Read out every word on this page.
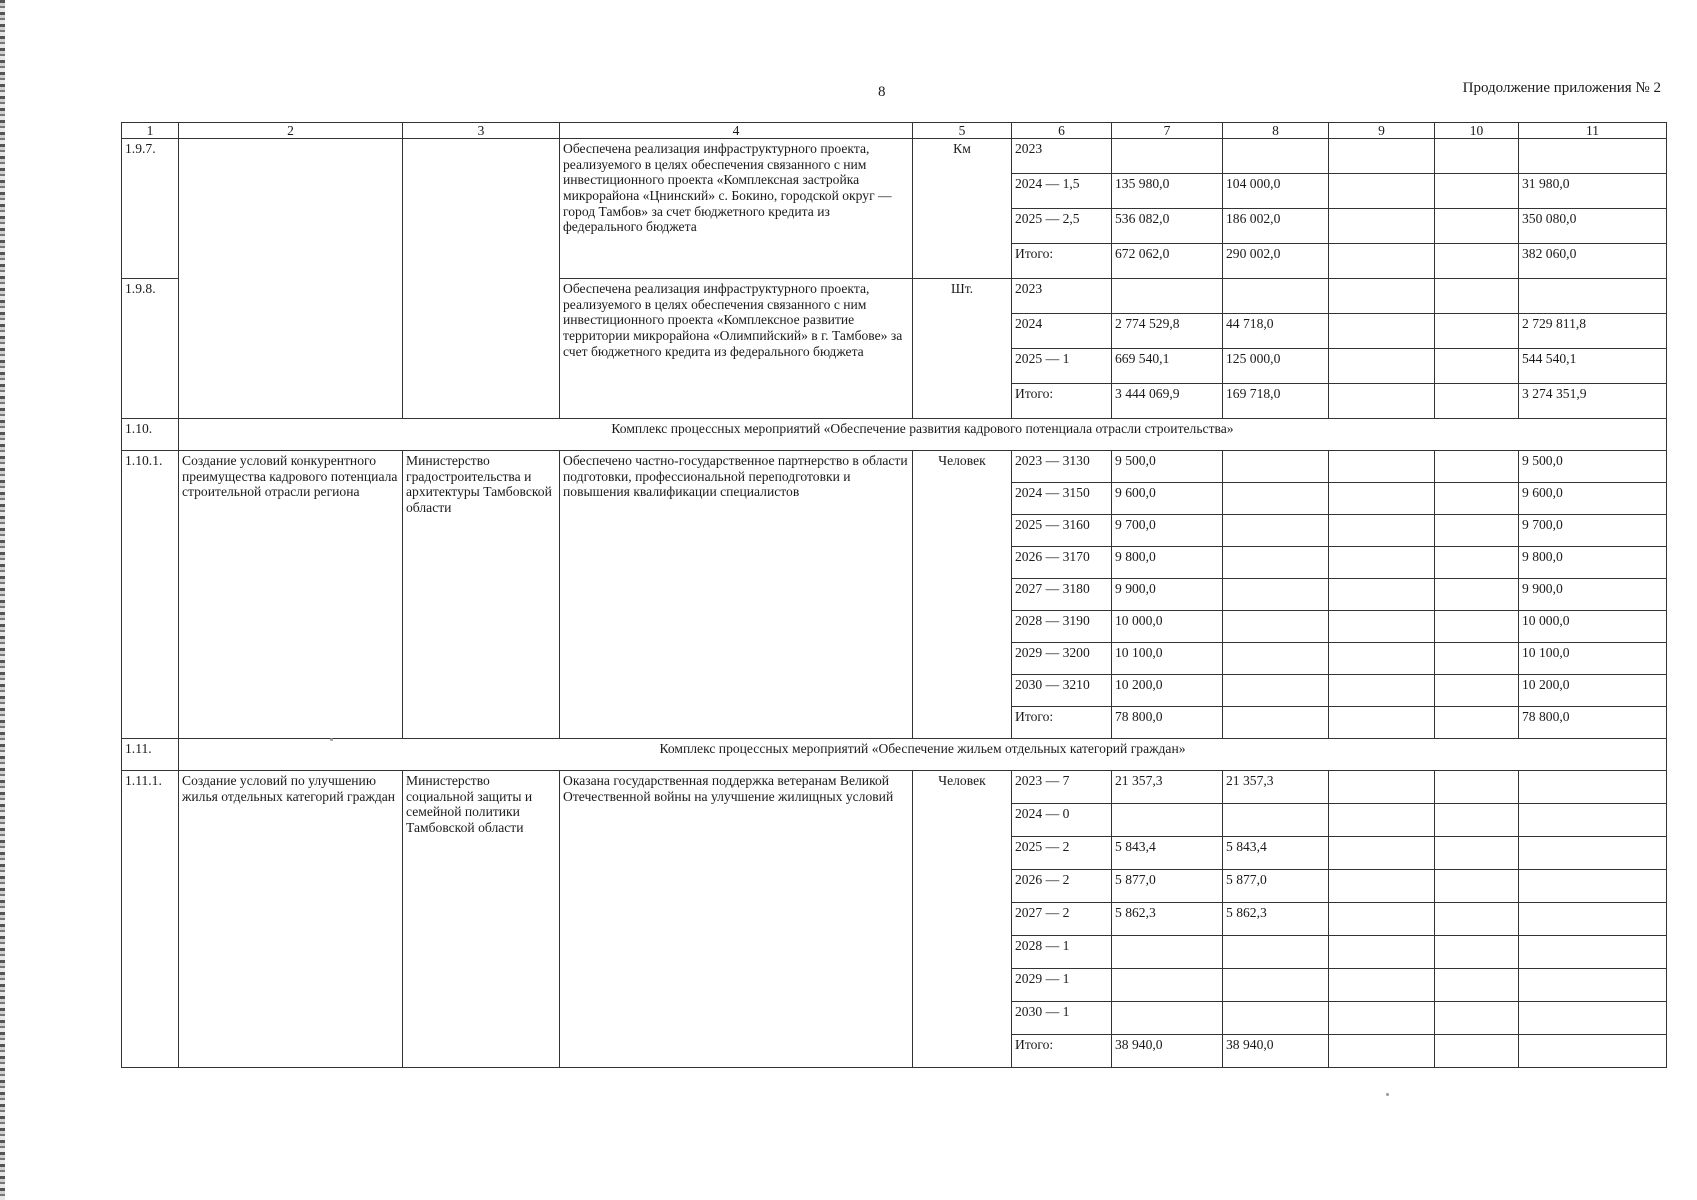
8	Продолжение приложения № 2
1	2	3	4	5	6	7	8	9	10	11
1.9.7.			Обеспечена реализация инфраструктурного проекта, реализуемого в целях обеспечения связанного с ним инвестиционного проекта «Комплексная застройка микрорайона «Цнинский» с. Бокино, городской округ — город Тамбов» за счет бюджетного кредита из федерального бюджета	Км	2023					
					2024 — 1,5	135 980,0	104 000,0			31 980,0
					2025 — 2,5	536 082,0	186 002,0			350 080,0
					Итого:	672 062,0	290 002,0			382 060,0
1.9.8.			Обеспечена реализация инфраструктурного проекта, реализуемого в целях обеспечения связанного с ним инвестиционного проекта «Комплексное развитие территории микрорайона «Олимпийский» в г. Тамбове» за счет бюджетного кредита из федерального бюджета	Шт.	2023					
					2024	2 774 529,8	44 718,0			2 729 811,8
					2025 — 1	669 540,1	125 000,0			544 540,1
					Итого:	3 444 069,9	169 718,0			3 274 351,9
1.10.	Комплекс процессных мероприятий «Обеспечение развития кадрового потенциала отрасли строительства»									
1.10.1.	Создание условий конкурентного преимущества кадрового потенциала строительной отрасли региона	Министерство градостроительства и архитектуры Тамбовской области	Обеспечено частно-государственное партнерство в области подготовки, профессиональной переподготовки и повышения квалификации специалистов	Человек	2023 — 3130	9 500,0				9 500,0
					2024 — 3150	9 600,0				9 600,0
					2025 — 3160	9 700,0				9 700,0
					2026 — 3170	9 800,0				9 800,0
					2027 — 3180	9 900,0				9 900,0
					2028 — 3190	10 000,0				10 000,0
					2029 — 3200	10 100,0				10 100,0
					2030 — 3210	10 200,0				10 200,0
					Итого:	78 800,0				78 800,0
1.11.	Комплекс процессных мероприятий «Обеспечение жильем отдельных категорий граждан»									
1.11.1.	Создание условий по улучшению жилья отдельных категорий граждан	Министерство социальной защиты и семейной политики Тамбовской области	Оказана государственная поддержка ветеранам Великой Отечественной войны на улучшение жилищных условий	Человек	2023 — 7	21 357,3	21 357,3			
					2024 — 0					
					2025 — 2	5 843,4	5 843,4			
					2026 — 2	5 877,0	5 877,0			
					2027 — 2	5 862,3	5 862,3			
					2028 — 1					
					2029 — 1					
					2030 — 1					
					Итого:	38 940,0	38 940,0			
